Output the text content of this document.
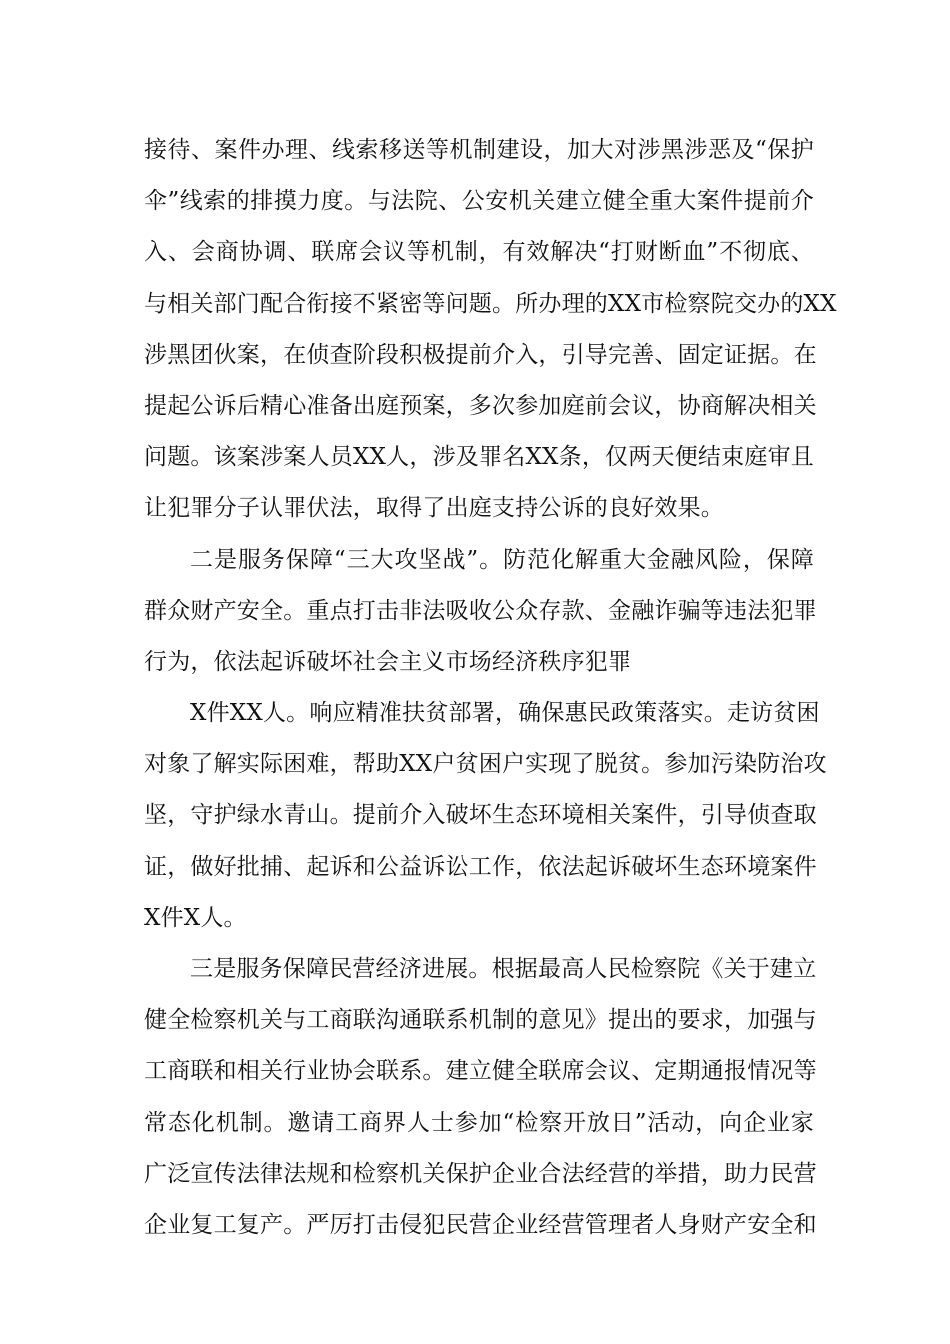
接待、案件办理、线索移送等机制建设，加大对涉黑涉恶及“保护
伞”线索的排摸力度。与法院、公安机关建立健全重大案件提前介
入、会商协调、联席会议等机制，有效解决“打财断血”不彻底、
与相关部门配合衔接不紧密等问题。所办理的XX市检察院交办的XX
涉黑团伙案，在侦查阶段积极提前介入，引导完善、固定证据。在
提起公诉后精心准备出庭预案，多次参加庭前会议，协商解决相关
问题。该案涉案人员XX人，涉及罪名XX条，仅两天便结束庭审且
让犯罪分子认罪伏法，取得了出庭支持公诉的良好效果。
二是服务保障“三大攻坚战”。防范化解重大金融风险，保障
群众财产安全。重点打击非法吸收公众存款、金融诈骗等违法犯罪
行为，依法起诉破坏社会主义市场经济秩序犯罪
X件XX人。响应精准扶贫部署，确保惠民政策落实。走访贫困
对象了解实际困难，帮助XX户贫困户实现了脱贫。参加污染防治攻
坚，守护绿水青山。提前介入破坏生态环境相关案件，引导侦查取
证，做好批捕、起诉和公益诉讼工作，依法起诉破坏生态环境案件
X件X人。
三是服务保障民营经济进展。根据最高人民检察院《关于建立
健全检察机关与工商联沟通联系机制的意见》提出的要求，加强与
工商联和相关行业协会联系。建立健全联席会议、定期通报情况等
常态化机制。邀请工商界人士参加“检察开放日”活动，向企业家
广泛宣传法律法规和检察机关保护企业合法经营的举措，助力民营
企业复工复产。严厉打击侵犯民营企业经营管理者人身财产安全和
